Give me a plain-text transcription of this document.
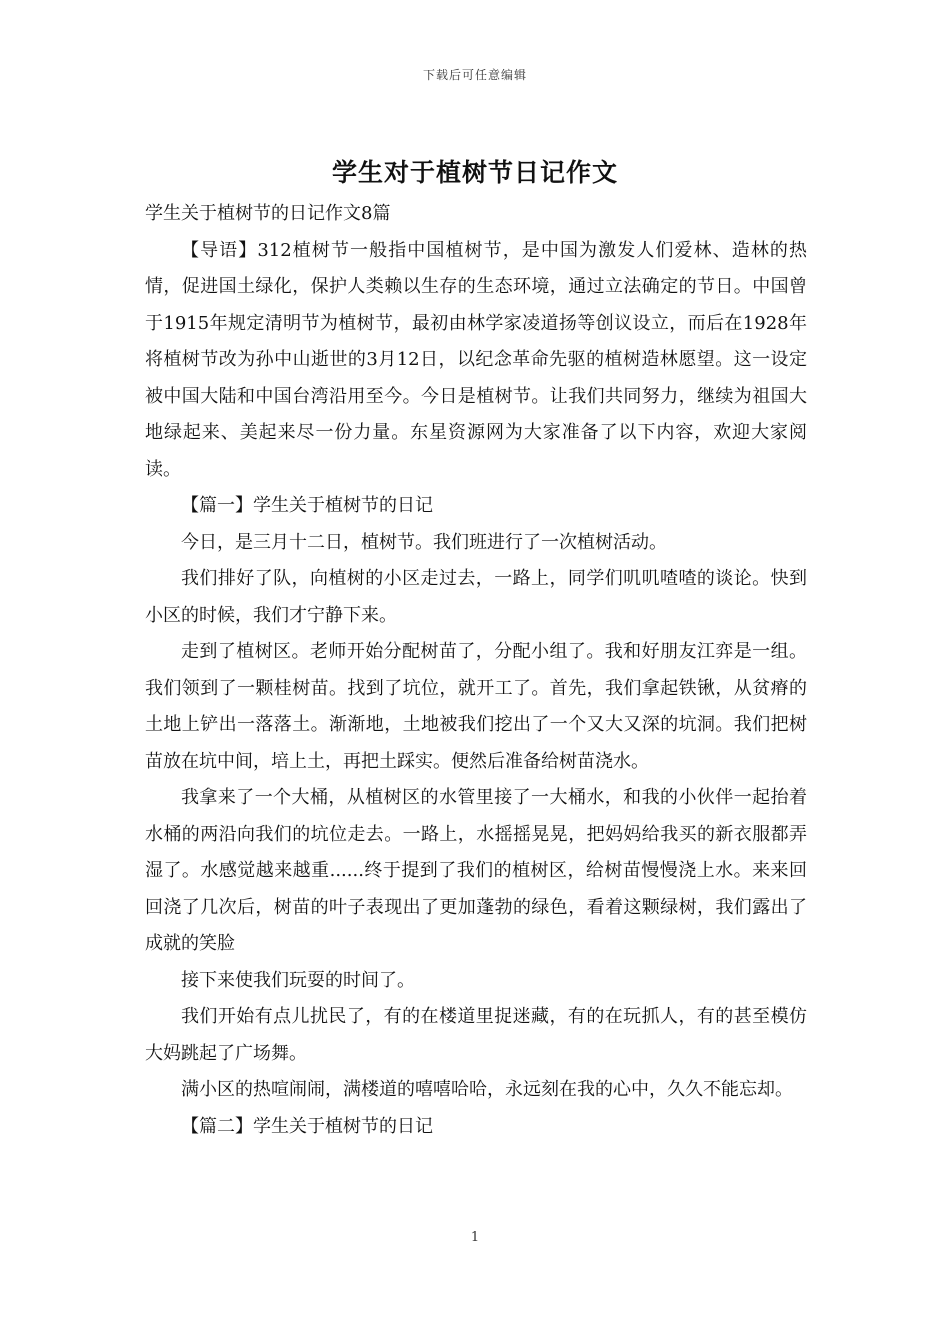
下载后可任意编辑
学生对于植树节日记作文

学生关于植树节的日记作文8篇

【导语】312植树节一般指中国植树节，是中国为激发人们爱林、造林的热情，促进国土绿化，保护人类赖以生存的生态环境，通过立法确定的节日。中国曾于1915年规定清明节为植树节，最初由林学家凌道扬等创议设立，而后在1928年将植树节改为孙中山逝世的3月12日，以纪念革命先驱的植树造林愿望。这一设定被中国大陆和中国台湾沿用至今。今日是植树节。让我们共同努力，继续为祖国大地绿起来、美起来尽一份力量。东星资源网为大家准备了以下内容，欢迎大家阅读。

【篇一】学生关于植树节的日记

今日，是三月十二日，植树节。我们班进行了一次植树活动。

我们排好了队，向植树的小区走过去，一路上，同学们叽叽喳喳的谈论。快到小区的时候，我们才宁静下来。

走到了植树区。老师开始分配树苗了，分配小组了。我和好朋友江弈是一组。我们领到了一颗桂树苗。找到了坑位，就开工了。首先，我们拿起铁锹，从贫瘠的土地上铲出一落落土。渐渐地，土地被我们挖出了一个又大又深的坑洞。我们把树苗放在坑中间，培上土，再把土踩实。便然后准备给树苗浇水。

我拿来了一个大桶，从植树区的水管里接了一大桶水，和我的小伙伴一起抬着水桶的两沿向我们的坑位走去。一路上，水摇摇晃晃，把妈妈给我买的新衣服都弄湿了。水感觉越来越重......终于提到了我们的植树区，给树苗慢慢浇上水。来来回回浇了几次后，树苗的叶子表现出了更加蓬勃的绿色，看着这颗绿树，我们露出了成就的笑脸

接下来使我们玩耍的时间了。

我们开始有点儿扰民了，有的在楼道里捉迷藏，有的在玩抓人，有的甚至模仿大妈跳起了广场舞。

满小区的热喧闹闹，满楼道的嘻嘻哈哈，永远刻在我的心中，久久不能忘却。

【篇二】学生关于植树节的日记

1
